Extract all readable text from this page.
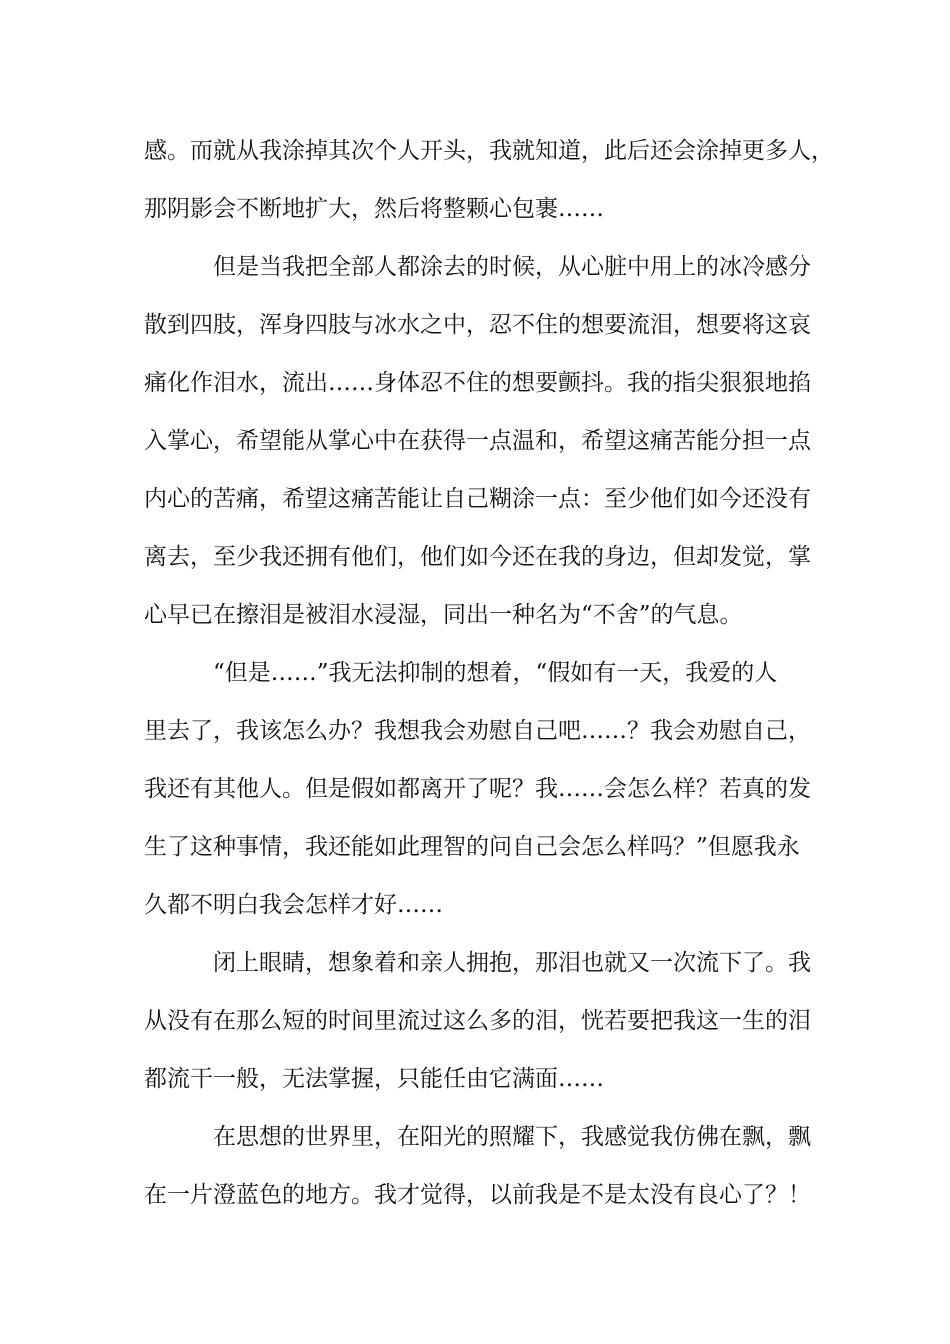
感。而就从我涂掉其次个人开头，我就知道，此后还会涂掉更多人，
那阴影会不断地扩大，然后将整颗心包裹……
但是当我把全部人都涂去的时候，从心脏中用上的冰冷感分
散到四肢，浑身四肢与冰水之中，忍不住的想要流泪，想要将这哀
痛化作泪水，流出……身体忍不住的想要颤抖。我的指尖狠狠地掐
入掌心，希望能从掌心中在获得一点温和，希望这痛苦能分担一点
内心的苦痛，希望这痛苦能让自己糊涂一点：至少他们如今还没有
离去，至少我还拥有他们，他们如今还在我的身边，但却发觉，掌
心早已在擦泪是被泪水浸湿，同出一种名为“不舍”的气息。
“但是……”我无法抑制的想着，“假如有一天，我爱的人
里去了，我该怎么办？我想我会劝慰自己吧……？我会劝慰自己，
我还有其他人。但是假如都离开了呢？我……会怎么样？若真的发
生了这种事情，我还能如此理智的问自己会怎么样吗？”但愿我永
久都不明白我会怎样才好……
闭上眼睛，想象着和亲人拥抱，那泪也就又一次流下了。我
从没有在那么短的时间里流过这么多的泪，恍若要把我这一生的泪
都流干一般，无法掌握，只能任由它满面……
在思想的世界里，在阳光的照耀下，我感觉我仿佛在飘，飘
在一片澄蓝色的地方。我才觉得，以前我是不是太没有良心了？！
